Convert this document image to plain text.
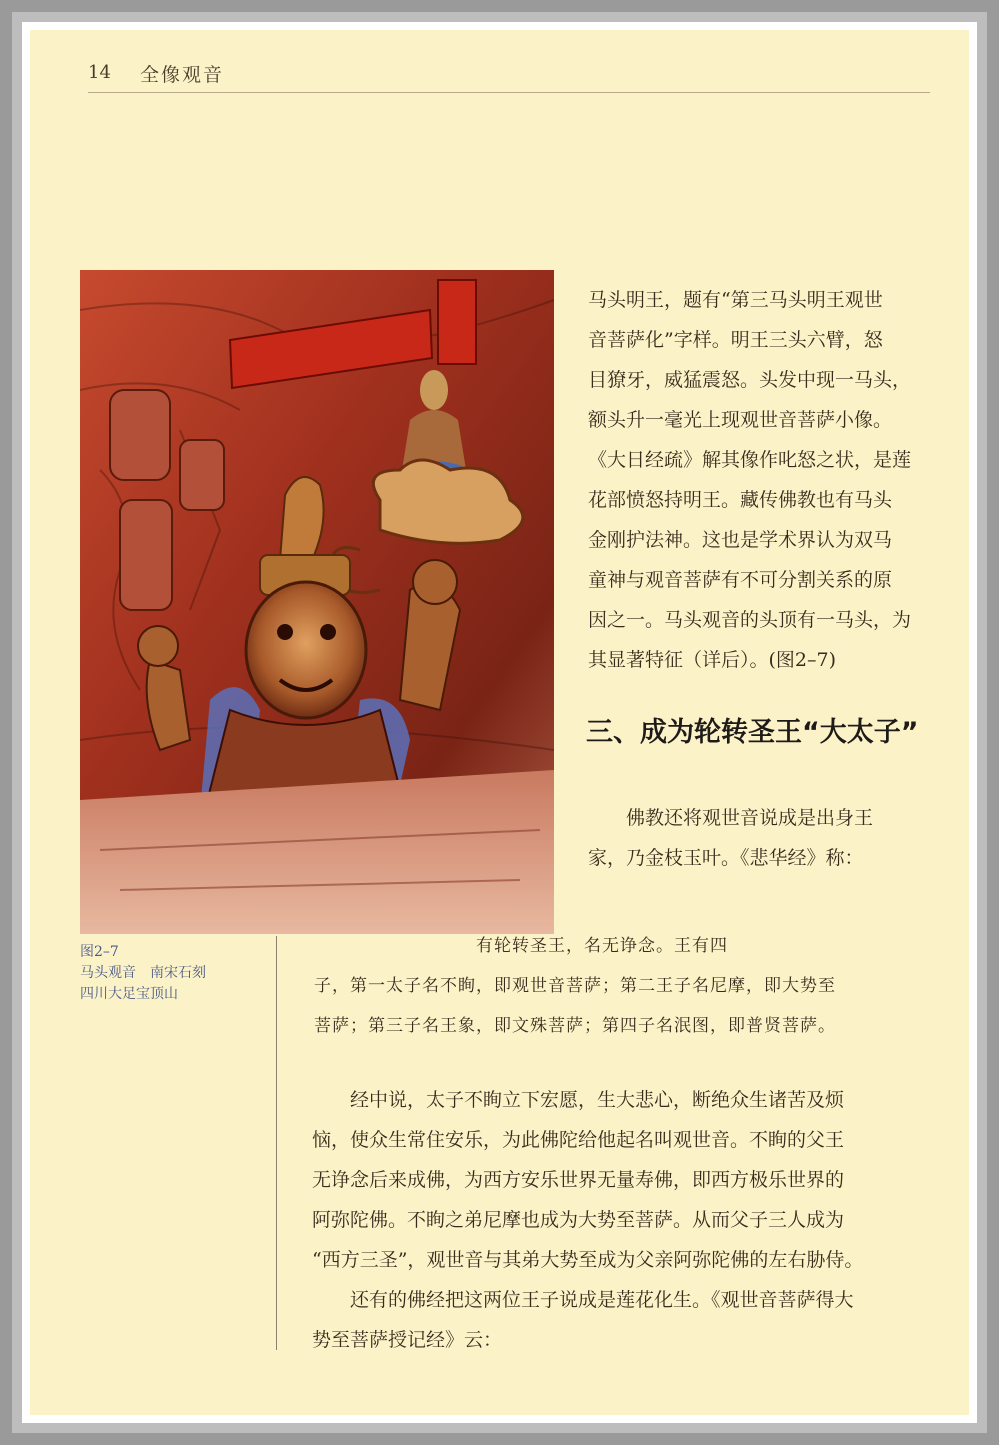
14 全像观音
图2–7
马头观音　南宋石刻
四川大足宝顶山
马头明王，题有“第三马头明王观世
音菩萨化”字样。明王三头六臂，怒
目獠牙，威猛震怒。头发中现一马头，
额头升一毫光上现观世音菩萨小像。
《大日经疏》解其像作叱怒之状，是莲
花部愤怒持明王。藏传佛教也有马头
金刚护法神。这也是学术界认为双马
童神与观音菩萨有不可分割关系的原
因之一。马头观音的头顶有一马头，为
其显著特征（详后）。(图2–7)
三、成为轮转圣王“大太子”
　　佛教还将观世音说成是出身王
家，乃金枝玉叶。《悲华经》称：
　　　　　　　　　有轮转圣王，名无诤念。王有四
子，第一太子名不眴，即观世音菩萨；第二王子名尼摩，即大势至
菩萨；第三子名王象，即文殊菩萨；第四子名泯图，即普贤菩萨。
　　经中说，太子不眴立下宏愿，生大悲心，断绝众生诸苦及烦
恼，使众生常住安乐，为此佛陀给他起名叫观世音。不眴的父王
无诤念后来成佛，为西方安乐世界无量寿佛，即西方极乐世界的
阿弥陀佛。不眴之弟尼摩也成为大势至菩萨。从而父子三人成为
“西方三圣”，观世音与其弟大势至成为父亲阿弥陀佛的左右胁侍。
　　还有的佛经把这两位王子说成是莲花化生。《观世音菩萨得大
势至菩萨授记经》云：
